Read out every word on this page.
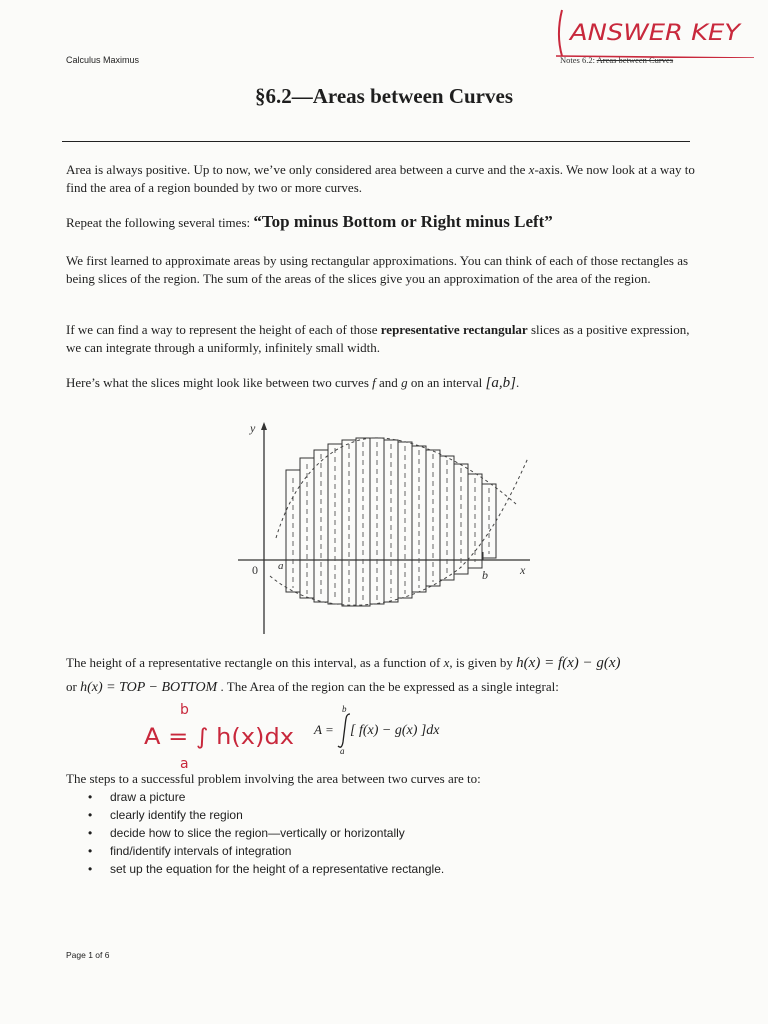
Calculus Maximus	Notes 6.2: Areas between Curves
ANSWER KEY
§6.2—Areas between Curves
Area is always positive. Up to now, we’ve only considered area between a curve and the x-axis. We now look at a way to find the area of a region bounded by two or more curves.
Repeat the following several times: “Top minus Bottom or Right minus Left”
We first learned to approximate areas by using rectangular approximations. You can think of each of those rectangles as being slices of the region. The sum of the areas of the slices give you an approximation of the area of the region.
If we can find a way to represent the height of each of those representative rectangular slices as a positive expression, we can integrate through a uniformly, infinitely small width.
Here’s what the slices might look like between two curves f and g on an interval [a,b].
y
x
0 a
b
The height of a representative rectangle on this interval, as a function of x, is given by h(x) = f(x) − g(x)
or h(x) = TOP − BOTTOM . The Area of the region can the be expressed as a single integral:
b
A = ∫ h(x)dx
a
A =
b
[ f(x) − g(x) ]dx
a
The steps to a successful problem involving the area between two curves are to:
• draw a picture
• clearly identify the region
• decide how to slice the region—vertically or horizontally
• find/identify intervals of integration
• set up the equation for the height of a representative rectangle.
Page 1 of 6
